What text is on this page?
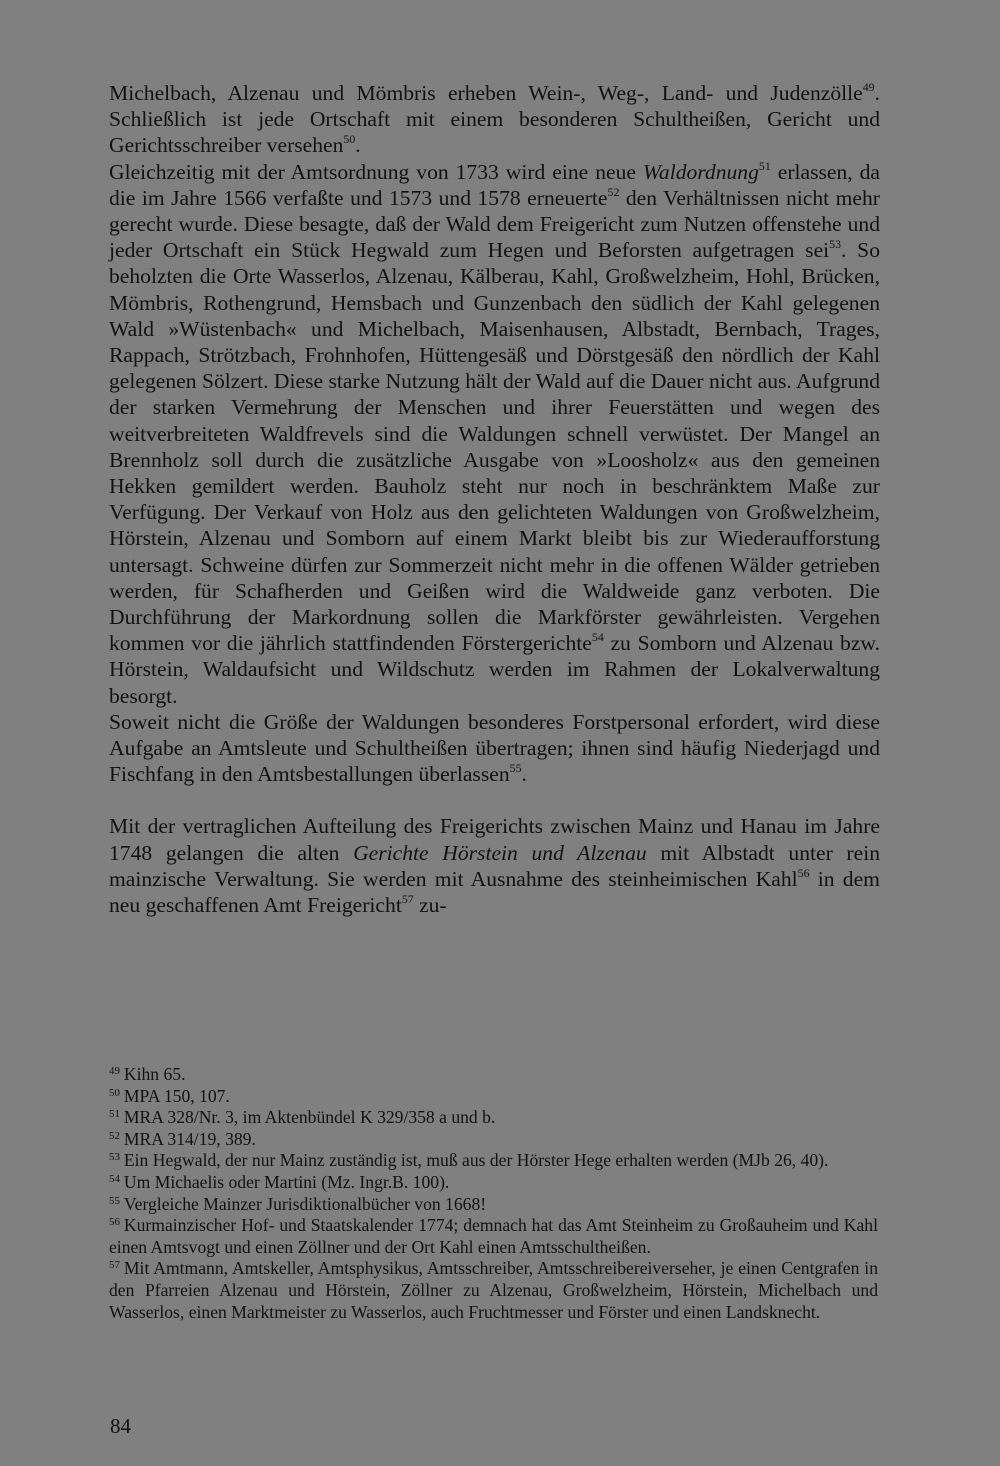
Michelbach, Alzenau und Mömbris erheben Wein-, Weg-, Land- und Judenzölle$^{49}$. Schließlich ist jede Ortschaft mit einem besonderen Schultheißen, Gericht und Gerichtsschreiber versehen$^{50}$.

Gleichzeitig mit der Amtsordnung von 1733 wird eine neue Waldordnung$^{51}$ erlassen, da die im Jahre 1566 verfaßte und 1573 und 1578 erneuerte$^{52}$ den Verhältnissen nicht mehr gerecht wurde. Diese besagte, daß der Wald dem Freigericht zum Nutzen offenstehe und jeder Ortschaft ein Stück Hegwald zum Hegen und Beforsten aufgetragen sei$^{53}$. So beholzten die Orte Wasserlos, Alzenau, Kälberau, Kahl, Großwelzheim, Hohl, Brücken, Mömbris, Rothengrund, Hemsbach und Gunzenbach den südlich der Kahl gelegenen Wald »Wüstenbach« und Michelbach, Maisenhausen, Albstadt, Bernbach, Trages, Rappach, Strötzbach, Frohnhofen, Hüttengesäß und Dörstgesäß den nördlich der Kahl gelegenen Sölzert. Diese starke Nutzung hält der Wald auf die Dauer nicht aus. Aufgrund der starken Vermehrung der Menschen und ihrer Feuerstätten und wegen des weitverbreiteten Waldfrevels sind die Waldungen schnell verwüstet. Der Mangel an Brennholz soll durch die zusätzliche Ausgabe von »Loosholz« aus den gemeinen Hekken gemildert werden. Bauholz steht nur noch in beschränktem Maße zur Verfügung. Der Verkauf von Holz aus den gelichteten Waldungen von Großwelzheim, Hörstein, Alzenau und Somborn auf einem Markt bleibt bis zur Wiederaufforstung untersagt. Schweine dürfen zur Sommerzeit nicht mehr in die offenen Wälder getrieben werden, für Schafherden und Geißen wird die Waldweide ganz verboten. Die Durchführung der Markordnung sollen die Markförster gewährleisten. Vergehen kommen vor die jährlich stattfindenden Förstergerichte$^{54}$ zu Somborn und Alzenau bzw. Hörstein, Waldaufsicht und Wildschutz werden im Rahmen der Lokalverwaltung besorgt.

Soweit nicht die Größe der Waldungen besonderes Forstpersonal erfordert, wird diese Aufgabe an Amtsleute und Schultheißen übertragen; ihnen sind häufig Niederjagd und Fischfang in den Amtsbestallungen überlassen$^{55}$.

Mit der vertraglichen Aufteilung des Freigerichts zwischen Mainz und Hanau im Jahre 1748 gelangen die alten Gerichte Hörstein und Alzenau mit Albstadt unter rein mainzische Verwaltung. Sie werden mit Ausnahme des steinheimischen Kahl$^{56}$ in dem neu geschaffenen Amt Freigericht$^{57}$ zu-

$^{49}$ Kihn 65.

$^{50}$ MPA 150, 107.

$^{51}$ MRA 328/Nr. 3, im Aktenbündel K 329/358 a und b.

$^{52}$ MRA 314/19, 389.

$^{53}$ Ein Hegwald, der nur Mainz zuständig ist, muß aus der Hörster Hege erhalten werden (MJb 26, 40).

$^{54}$ Um Michaelis oder Martini (Mz. Ingr.B. 100).

$^{55}$ Vergleiche Mainzer Jurisdiktionalbücher von 1668!

$^{56}$ Kurmainzischer Hof- und Staatskalender 1774; demnach hat das Amt Steinheim zu Großauheim und Kahl einen Amtsvogt und einen Zöllner und der Ort Kahl einen Amtsschultheißen.

$^{57}$ Mit Amtmann, Amtskeller, Amtsphysikus, Amtsschreiber, Amtsschreibereiverseher, je einen Centgrafen in den Pfarreien Alzenau und Hörstein, Zöllner zu Alzenau, Großwelzheim, Hörstein, Michelbach und Wasserlos, einen Marktmeister zu Wasserlos, auch Fruchtmesser und Förster und einen Landsknecht.

84
